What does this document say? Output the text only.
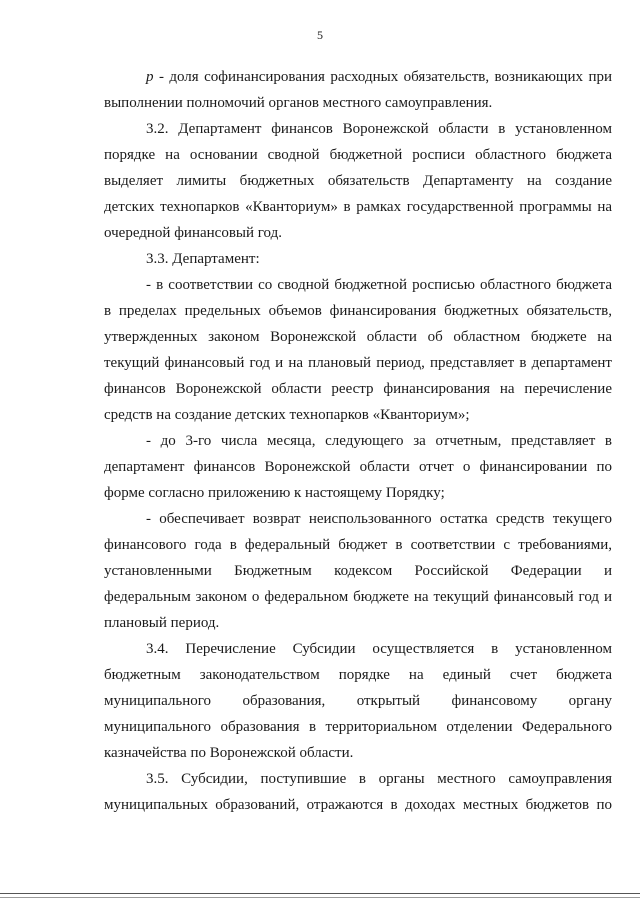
5
р - доля софинансирования расходных обязательств, возникающих при
выполнении полномочий органов местного самоуправления.
3.2. Департамент финансов Воронежской области в установленном
порядке на основании сводной бюджетной росписи областного бюджета
выделяет лимиты бюджетных обязательств Департаменту на создание
детских технопарков «Кванториум» в рамках государственной программы на
очередной финансовый год.
3.3. Департамент:
- в соответствии со сводной бюджетной росписью областного бюджета
в пределах предельных объемов финансирования бюджетных обязательств,
утвержденных законом Воронежской области об областном бюджете на
текущий финансовый год и на плановый период, представляет в департамент
финансов Воронежской области реестр финансирования на перечисление
средств на создание детских технопарков «Кванториум»;
- до 3-го числа месяца, следующего за отчетным, представляет в
департамент финансов Воронежской области отчет о финансировании по
форме согласно приложению к настоящему Порядку;
- обеспечивает возврат неиспользованного остатка средств текущего
финансового года в федеральный бюджет в соответствии с требованиями,
установленными Бюджетным кодексом Российской Федерации и
федеральным законом о федеральном бюджете на текущий финансовый год и
плановый период.
3.4. Перечисление Субсидии осуществляется в установленном
бюджетным законодательством порядке на единый счет бюджета
муниципального образования, открытый финансовому органу
муниципального образования в территориальном отделении Федерального
казначейства по Воронежской области.
3.5. Субсидии, поступившие в органы местного самоуправления
муниципальных образований, отражаются в доходах местных бюджетов по
